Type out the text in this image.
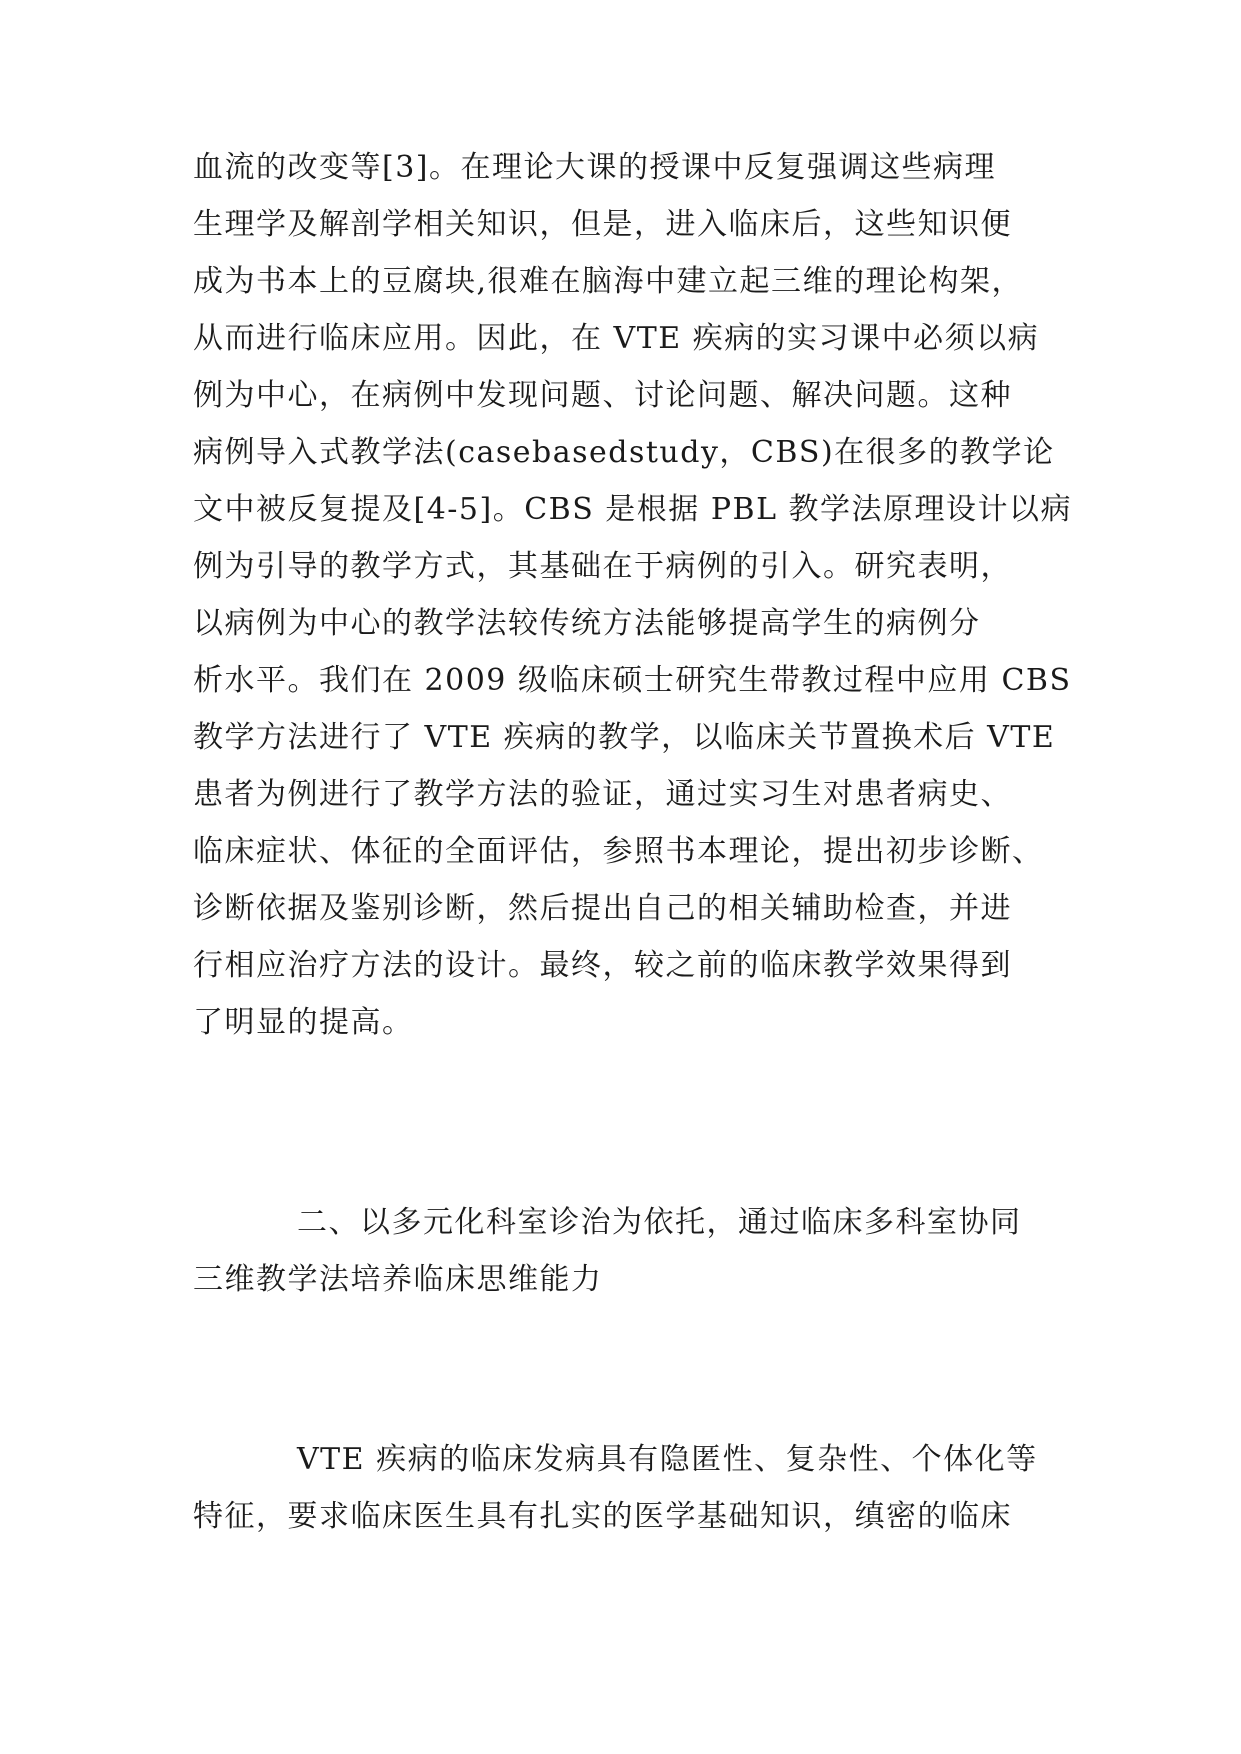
血流的改变等[3]。在理论大课的授课中反复强调这些病理
生理学及解剖学相关知识，但是，进入临床后，这些知识便
成为书本上的豆腐块,很难在脑海中建立起三维的理论构架，
从而进行临床应用。因此，在 VTE 疾病的实习课中必须以病
例为中心，在病例中发现问题、讨论问题、解决问题。这种
病例导入式教学法(casebasedstudy，CBS)在很多的教学论
文中被反复提及[4-5]。CBS 是根据 PBL 教学法原理设计以病
例为引导的教学方式，其基础在于病例的引入。研究表明，
以病例为中心的教学法较传统方法能够提高学生的病例分
析水平。我们在 2009 级临床硕士研究生带教过程中应用 CBS
教学方法进行了 VTE 疾病的教学，以临床关节置换术后 VTE
患者为例进行了教学方法的验证，通过实习生对患者病史、
临床症状、体征的全面评估，参照书本理论，提出初步诊断、
诊断依据及鉴别诊断，然后提出自己的相关辅助检查，并进
行相应治疗方法的设计。最终，较之前的临床教学效果得到
了明显的提高。
二、以多元化科室诊治为依托，通过临床多科室协同
三维教学法培养临床思维能力
VTE 疾病的临床发病具有隐匿性、复杂性、个体化等
特征，要求临床医生具有扎实的医学基础知识，缜密的临床
